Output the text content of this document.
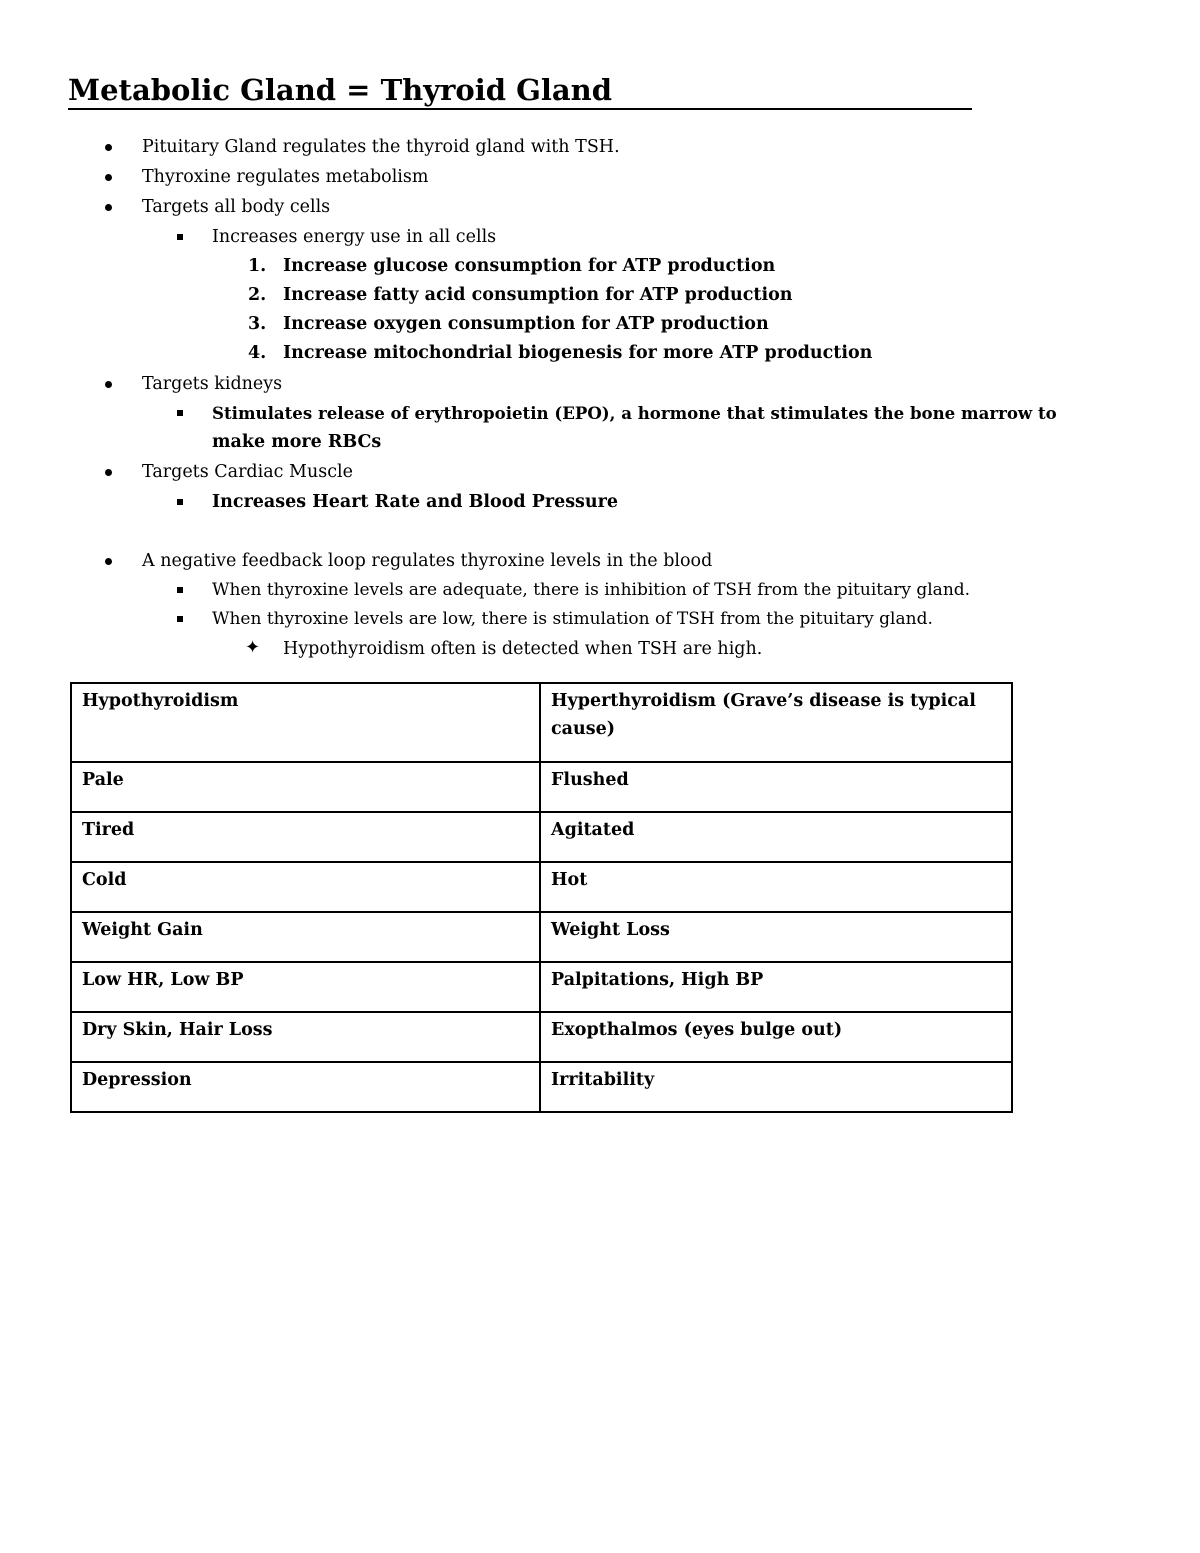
Metabolic Gland = Thyroid Gland
Pituitary Gland regulates the thyroid gland with TSH.
Thyroxine regulates metabolism
Targets all body cells
Increases energy use in all cells
1. Increase glucose consumption for ATP production
2. Increase fatty acid consumption for ATP production
3. Increase oxygen consumption for ATP production
4. Increase mitochondrial biogenesis for more ATP production
Targets kidneys
Stimulates release of erythropoietin (EPO), a hormone that stimulates the bone marrow to
make more RBCs
Targets Cardiac Muscle
Increases Heart Rate and Blood Pressure
A negative feedback loop regulates thyroxine levels in the blood
When thyroxine levels are adequate, there is inhibition of TSH from the pituitary gland.
When thyroxine levels are low, there is stimulation of TSH from the pituitary gland.
✦ Hypothyroidism often is detected when TSH are high.
Hypothyroidism	Hyperthyroidism (Grave’s disease is typical cause)
Pale	Flushed
Tired	Agitated
Cold	Hot
Weight Gain	Weight Loss
Low HR, Low BP	Palpitations, High BP
Dry Skin, Hair Loss	Exopthalmos (eyes bulge out)
Depression	Irritability
